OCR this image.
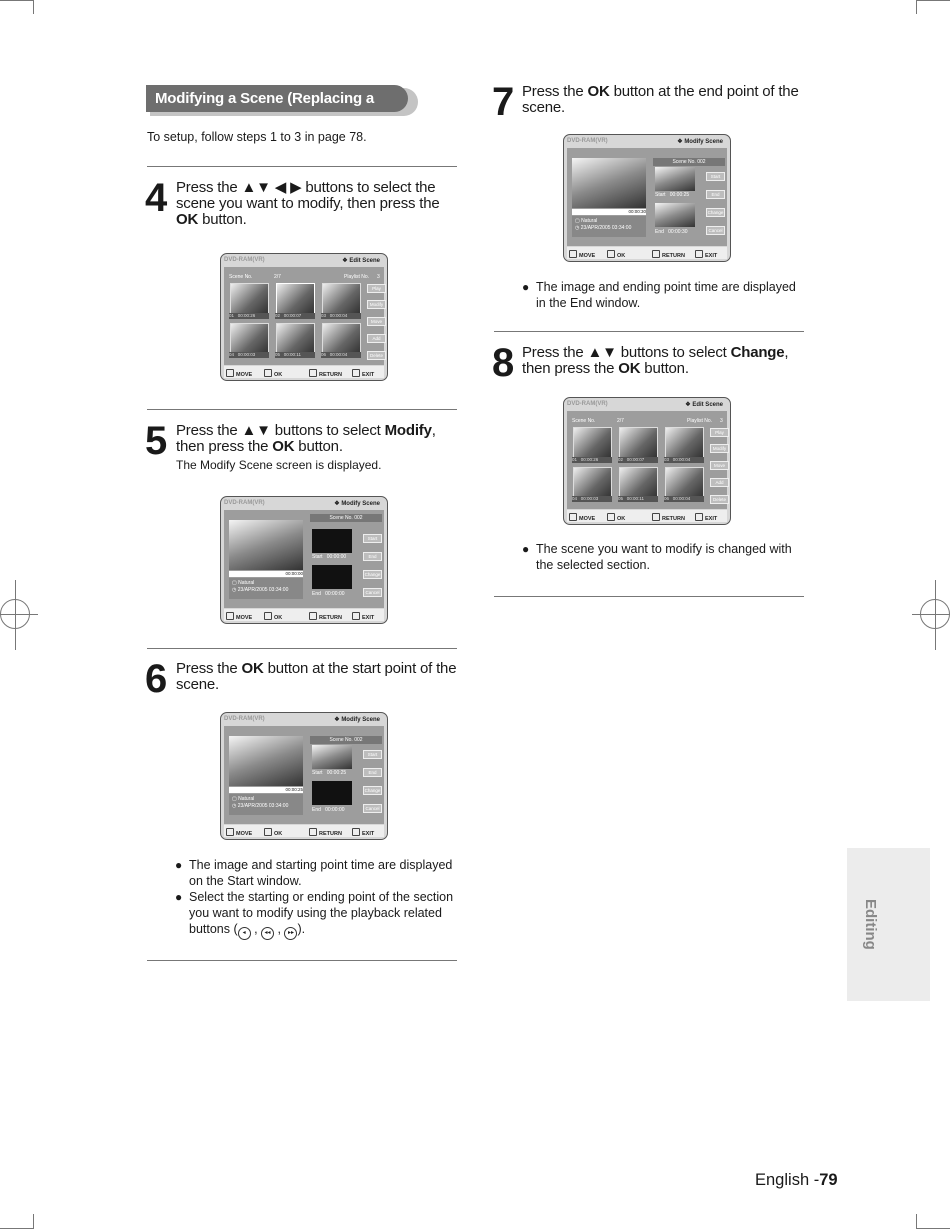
Modifying a Scene (Replacing a Scene)
To setup, follow steps 1 to 3 in page 78.
4 Press the ▲▼ ◀ ▶ buttons to select the scene you want to modify, then press the OK button.
5 Press the ▲▼ buttons to select Modify, then press the OK button.
The Modify Scene screen is displayed.
6 Press the OK button at the start point of the scene.
7 Press the OK button at the end point of the scene.
8 Press the ▲▼ buttons to select Change, then press the OK button.
● The image and starting point time are displayed on the Start window.
● Select the starting or ending point of the section you want to modify using the playback related buttons ( ◂ , ◂◂ , ▸▸ ).
● The image and ending point time are displayed in the End window.
● The scene you want to modify is changed with the selected section.
DVD-RAM(VR)	❖ Edit Scene
Scene No.	2/7	Playlist No. 3
01 00:00:26	02 00:00:07	03 00:00:04
04 00:00:03	05 00:00:11	06 00:00:04
Play
Modify
Move
Add
Delete
MOVE	OK	RETURN	EXIT
DVD-RAM(VR)	❖ Modify Scene
00:00:00
▢ Natural
◷ 23/APR/2005 03:34:00
Scene No. 002
Start 00:00:00
End 00:00:00
Start
End
Change
Cancel
MOVE	OK	RETURN	EXIT
DVD-RAM(VR)	❖ Modify Scene
00:00:25
▢ Natural
◷ 23/APR/2005 03:34:00
Scene No. 002
Start 00:00:25
End 00:00:00
Start
End
Change
Cancel
MOVE	OK	RETURN	EXIT
DVD-RAM(VR)	❖ Modify Scene
00:00:30
▢ Natural
◷ 23/APR/2005 03:34:00
Scene No. 002
Start 00:00:25
End 00:00:30
Start
End
Change
Cancel
MOVE	OK	RETURN	EXIT
DVD-RAM(VR)	❖ Edit Scene
Scene No.	2/7	Playlist No. 3
01 00:00:26	02 00:00:07	03 00:00:04
04 00:00:03	05 00:00:11	06 00:00:04
Play
Modify
Move
Add
Delete
MOVE	OK	RETURN	EXIT
Editing
English -79
